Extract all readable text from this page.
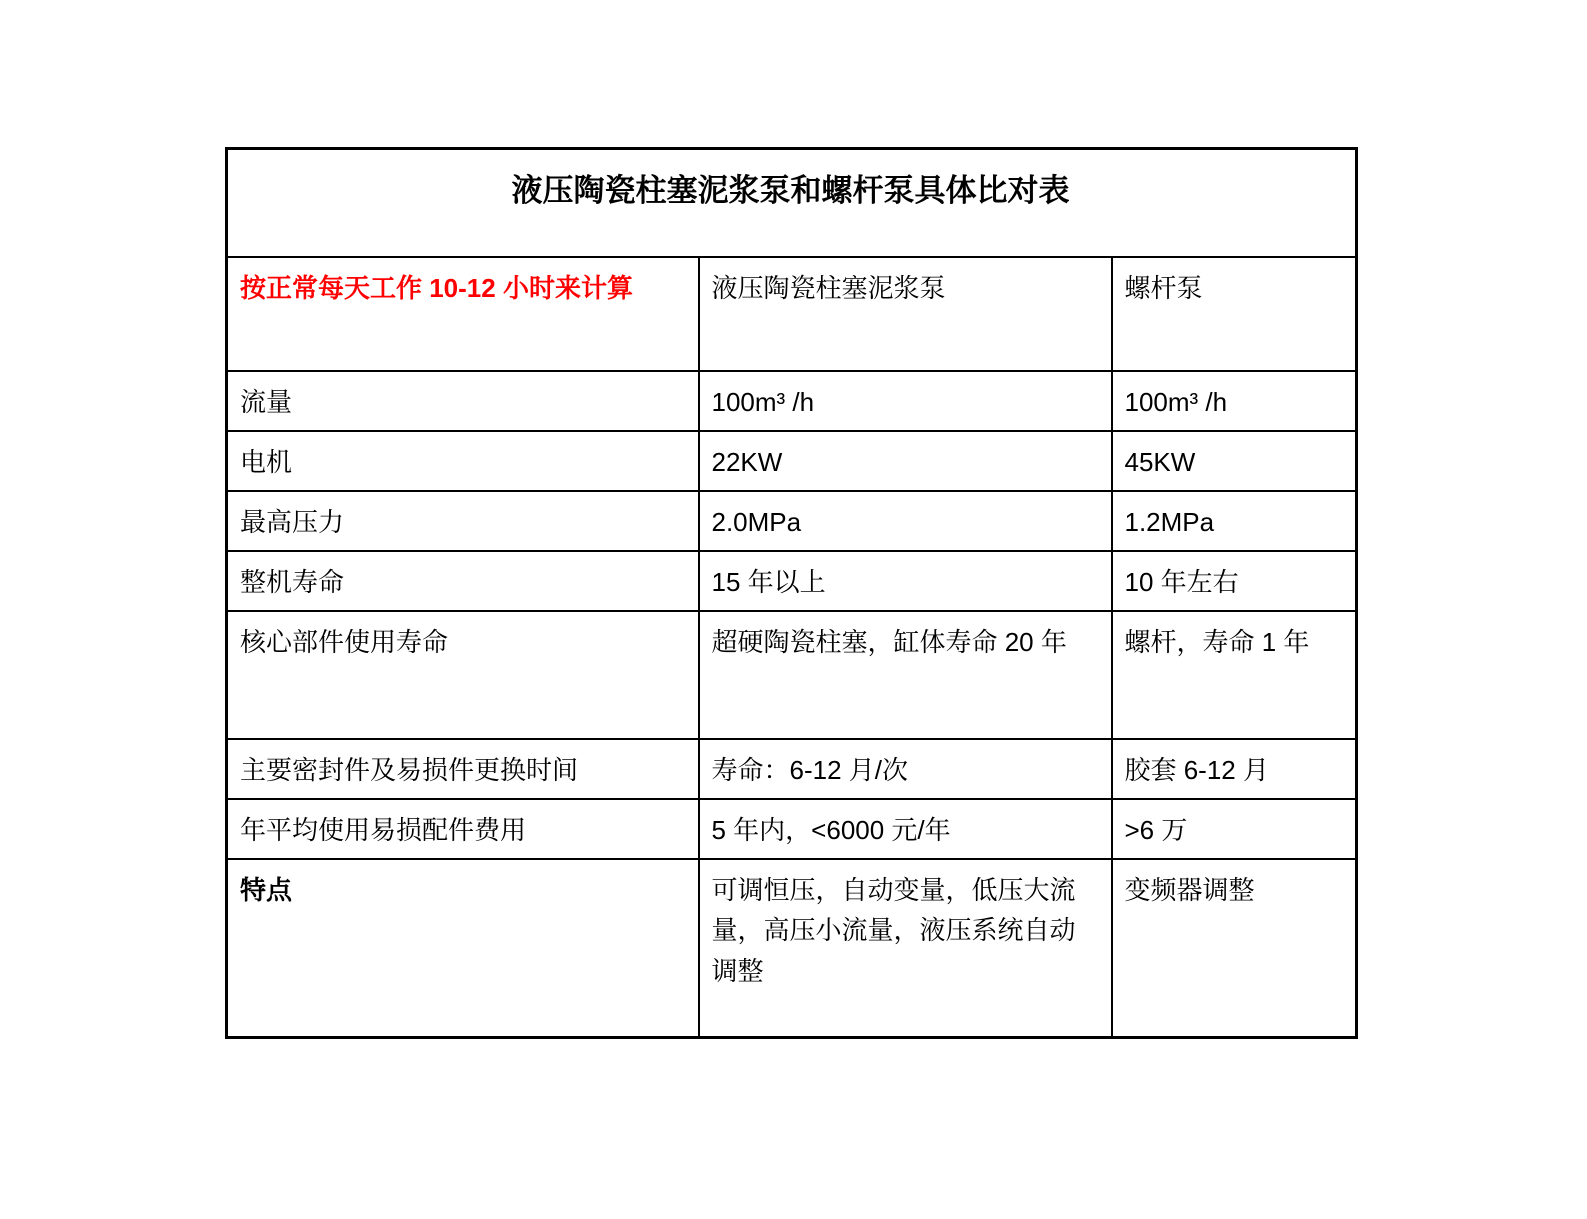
液压陶瓷柱塞泥浆泵和螺杆泵具体比对表		
按正常每天工作 10-12 小时来计算	液压陶瓷柱塞泥浆泵	螺杆泵
流量	100m³ /h	100m³ /h
电机	22KW	45KW
最高压力	2.0MPa	1.2MPa
整机寿命	15 年以上	10 年左右
核心部件使用寿命	超硬陶瓷柱塞，缸体寿命 20 年	螺杆，寿命 1 年
主要密封件及易损件更换时间	寿命：6-12 月/次	胶套 6-12 月
年平均使用易损配件费用	5 年内，<6000 元/年	>6 万
特点	可调恒压，自动变量，低压大流量，高压小流量，液压系统自动调整	变频器调整
